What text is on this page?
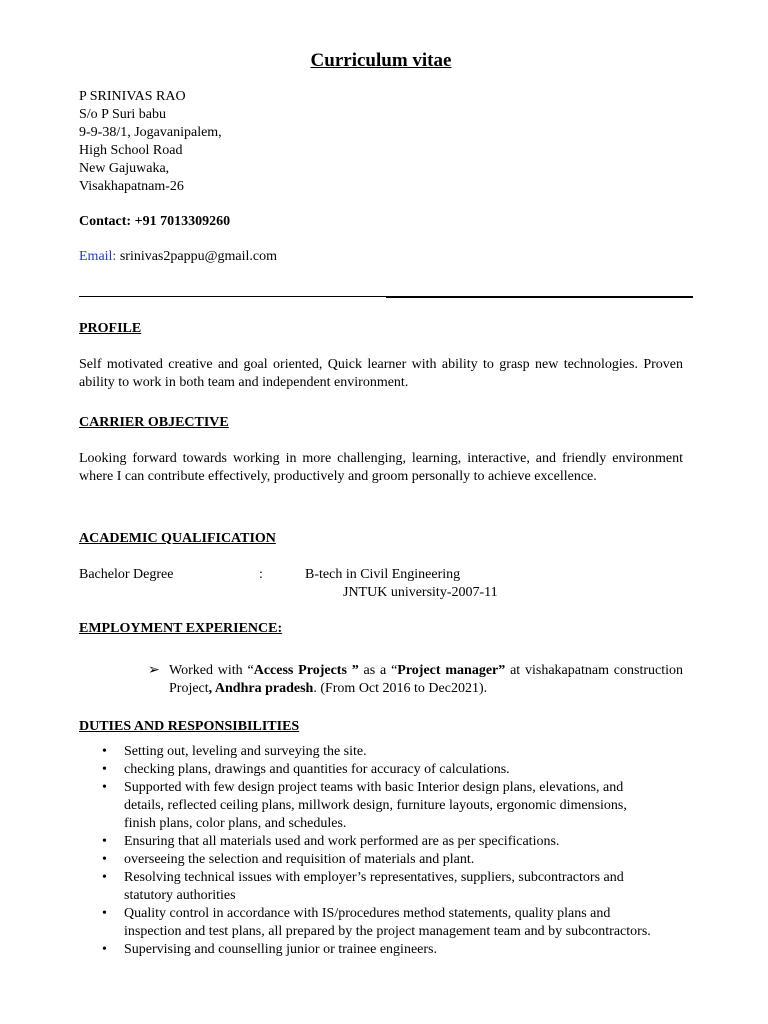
Curriculum vitae
P SRINIVAS RAO
S/o P Suri babu
9-9-38/1, Jogavanipalem,
High School Road
New Gajuwaka,
Visakhapatnam-26
Contact: +91 7013309260
Email: srinivas2pappu@gmail.com
PROFILE
Self motivated creative and goal oriented, Quick learner with ability to grasp new technologies. Proven ability to work in both team and independent environment.
CARRIER OBJECTIVE
Looking forward towards working in more challenging, learning, interactive, and friendly environment where I can contribute effectively, productively and groom personally to achieve excellence.
ACADEMIC QUALIFICATION
Bachelor Degree	:	B-tech in Civil Engineering
JNTUK university-2007-11
EMPLOYMENT EXPERIENCE:
➢ Worked with “Access Projects ” as a “Project manager” at vishakapatnam construction Project, Andhra pradesh. (From Oct 2016 to Dec2021).
DUTIES AND RESPONSIBILITIES
• Setting out, leveling and surveying the site.
• checking plans, drawings and quantities for accuracy of calculations.
• Supported with few design project teams with basic Interior design plans, elevations, and details, reflected ceiling plans, millwork design, furniture layouts, ergonomic dimensions, finish plans, color plans, and schedules.
• Ensuring that all materials used and work performed are as per specifications.
• overseeing the selection and requisition of materials and plant.
• Resolving technical issues with employer’s representatives, suppliers, subcontractors and statutory authorities
• Quality control in accordance with IS/procedures method statements, quality plans and inspection and test plans, all prepared by the project management team and by subcontractors.
• Supervising and counselling junior or trainee engineers.
